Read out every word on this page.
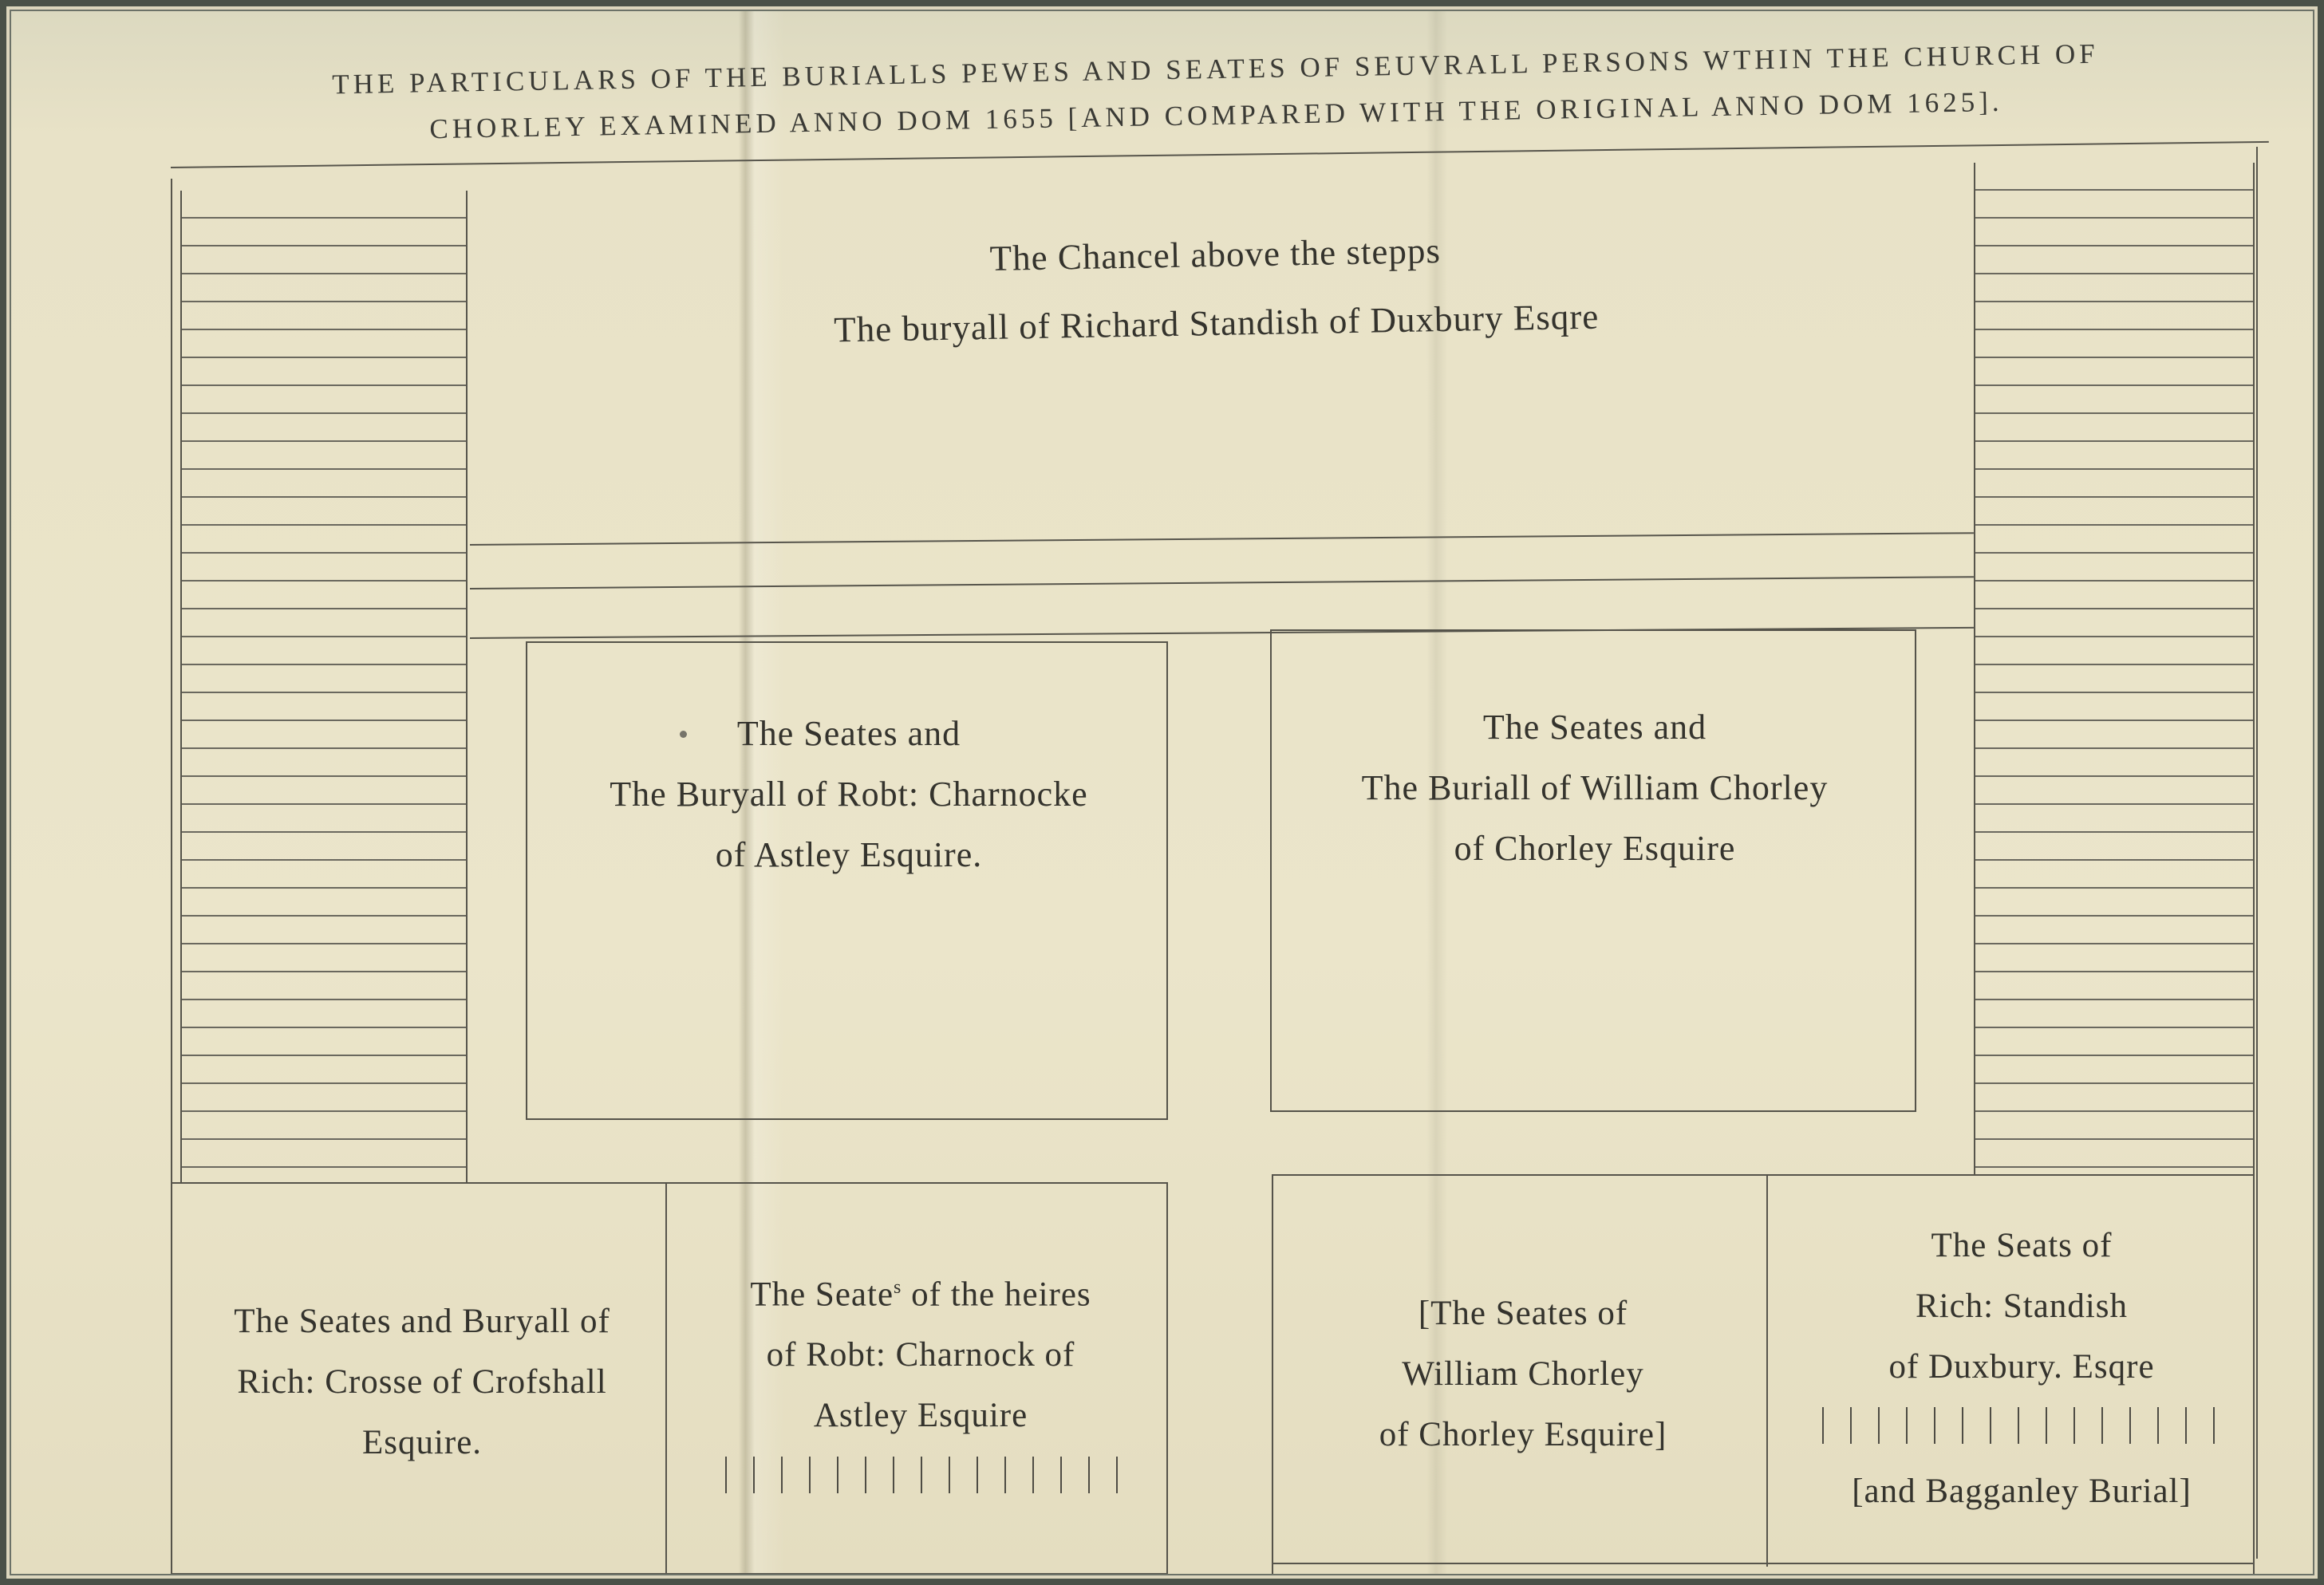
THE PARTICULARS OF THE BURIALLS PEWES AND SEATES OF SEUVRALL PERSONS WTHIN THE CHURCH OF
CHORLEY EXAMINED ANNO DOM 1655 [AND COMPARED WITH THE ORIGINAL ANNO DOM 1625].
The Chancel above the stepps
The buryall of Richard Standish of Duxbury Esqre
The Seates and
The Buryall of Robt: Charnocke
of Astley Esquire.
The Seates and
The Buriall of William Chorley
of Chorley Esquire
The Seates and Buryall of
Rich: Crosse of Crofshall
Esquire.
The Seate$^s$ of the heires
of Robt: Charnock of
Astley Esquire
[The Seates of
William Chorley
of Chorley Esquire]
The Seats of
Rich: Standish
of Duxbury. Esqre
[and Bagganley Burial]
